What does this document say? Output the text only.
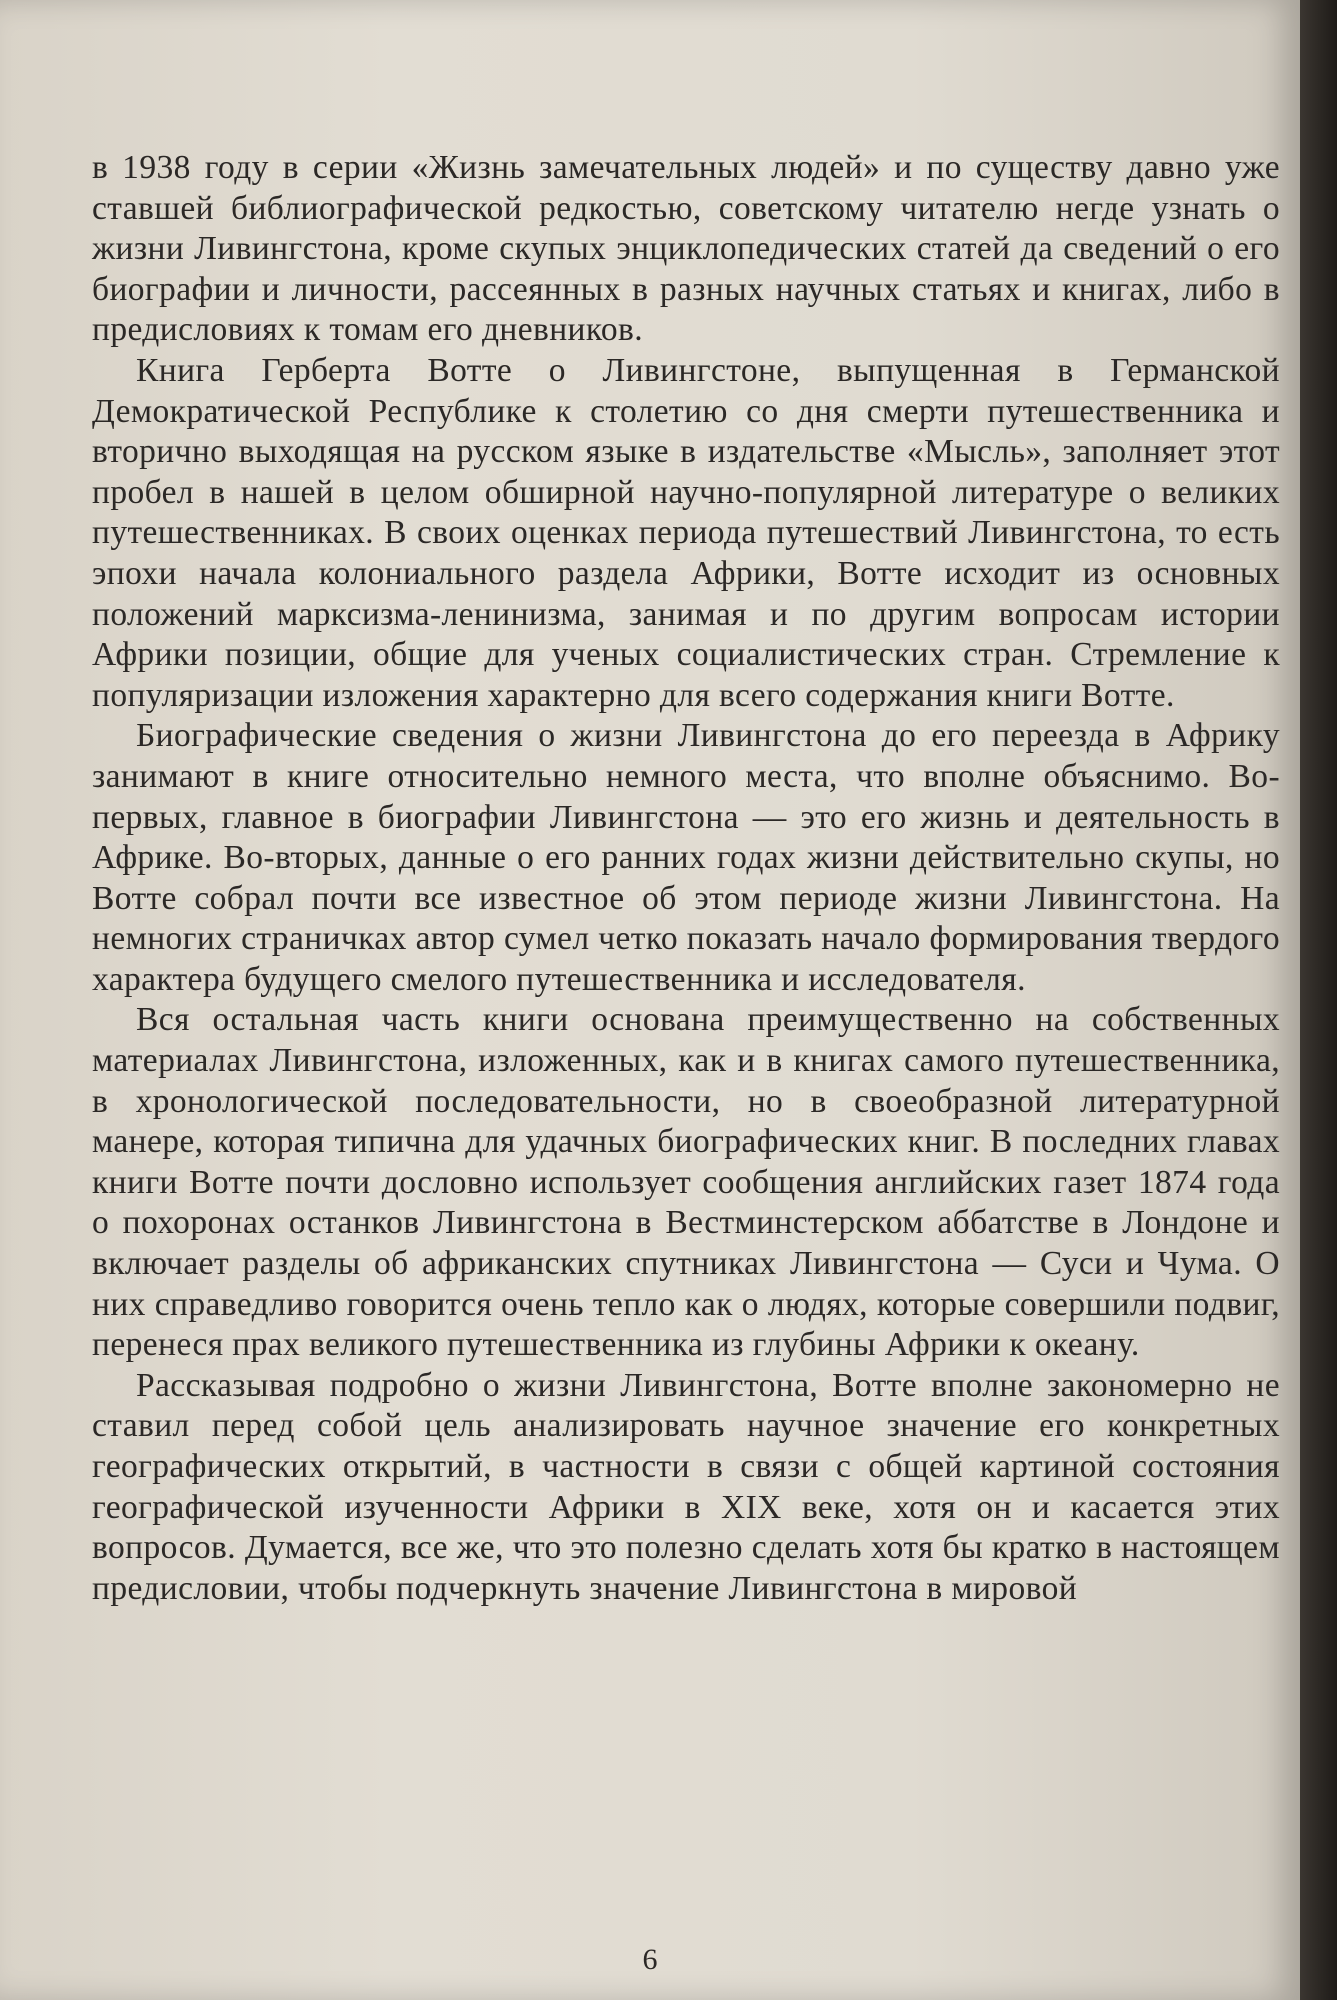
в 1938 году в серии «Жизнь замечательных людей» и по существу давно уже ставшей библиографической редкостью, советскому читателю негде узнать о жизни Ливингстона, кроме скупых энциклопедических статей да сведений о его биографии и личности, рассеянных в разных научных статьях и книгах, либо в предисловиях к томам его дневников.

Книга Герберта Вотте о Ливингстоне, выпущенная в Германской Демократической Республике к столетию со дня смерти путешественника и вторично выходящая на русском языке в издательстве «Мысль», заполняет этот пробел в нашей в целом обширной научно-популярной литературе о великих путешественниках. В своих оценках периода путешествий Ливингстона, то есть эпохи начала колониального раздела Африки, Вотте исходит из основных положений марксизма-ленинизма, занимая и по другим вопросам истории Африки позиции, общие для ученых социалистических стран. Стремление к популяризации изложения характерно для всего содержания книги Вотте.

Биографические сведения о жизни Ливингстона до его переезда в Африку занимают в книге относительно немного места, что вполне объяснимо. Во-первых, главное в биографии Ливингстона — это его жизнь и деятельность в Африке. Во-вторых, данные о его ранних годах жизни действительно скупы, но Вотте собрал почти все известное об этом периоде жизни Ливингстона. На немногих страничках автор сумел четко показать начало формирования твердого характера будущего смелого путешественника и исследователя.

Вся остальная часть книги основана преимущественно на собственных материалах Ливингстона, изложенных, как и в книгах самого путешественника, в хронологической последовательности, но в своеобразной литературной манере, которая типична для удачных биографических книг. В последних главах книги Вотте почти дословно использует сообщения английских газет 1874 года о похоронах останков Ливингстона в Вестминстерском аббатстве в Лондоне и включает разделы об африканских спутниках Ливингстона — Суси и Чума. О них справедливо говорится очень тепло как о людях, которые совершили подвиг, перенеся прах великого путешественника из глубины Африки к океану.

Рассказывая подробно о жизни Ливингстона, Вотте вполне закономерно не ставил перед собой цель анализировать научное значение его конкретных географических открытий, в частности в связи с общей картиной состояния географической изученности Африки в XIX веке, хотя он и касается этих вопросов. Думается, все же, что это полезно сделать хотя бы кратко в настоящем предисловии, чтобы подчеркнуть значение Ливингстона в мировой

6
